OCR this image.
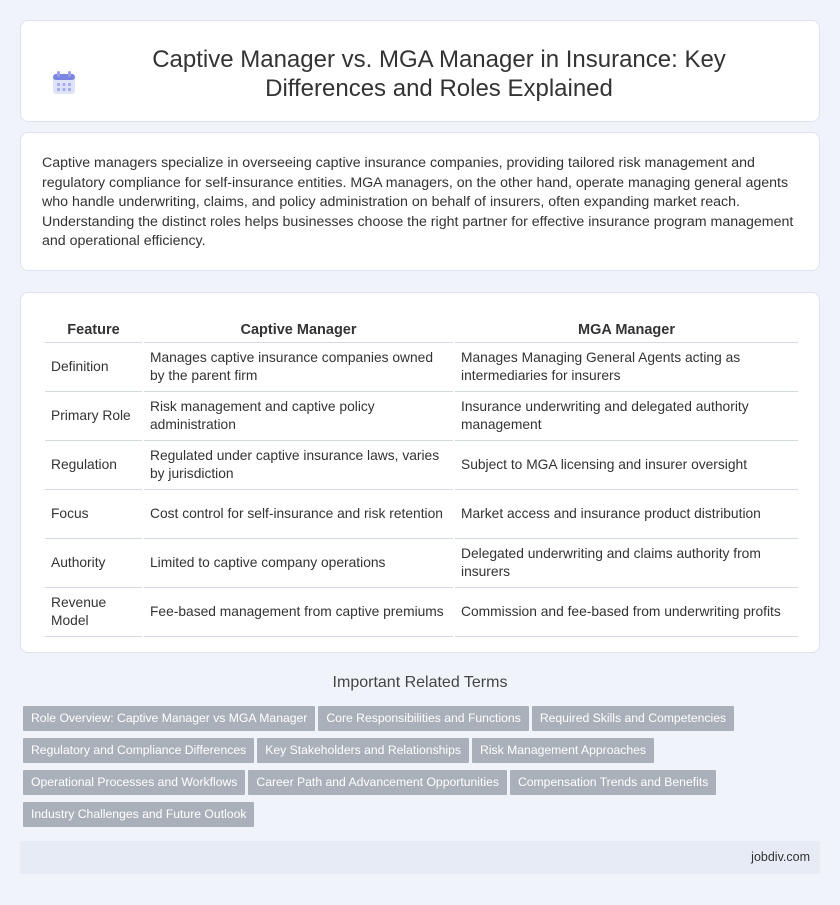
Captive Manager vs. MGA Manager in Insurance: Key Differences and Roles Explained

Captive managers specialize in overseeing captive insurance companies, providing tailored risk management and regulatory compliance for self-insurance entities. MGA managers, on the other hand, operate managing general agents who handle underwriting, claims, and policy administration on behalf of insurers, often expanding market reach. Understanding the distinct roles helps businesses choose the right partner for effective insurance program management and operational efficiency.

Feature	Captive Manager	MGA Manager
Definition	Manages captive insurance companies owned by the parent firm	Manages Managing General Agents acting as intermediaries for insurers
Primary Role	Risk management and captive policy administration	Insurance underwriting and delegated authority management
Regulation	Regulated under captive insurance laws, varies by jurisdiction	Subject to MGA licensing and insurer oversight
Focus	Cost control for self-insurance and risk retention	Market access and insurance product distribution
Authority	Limited to captive company operations	Delegated underwriting and claims authority from insurers
Revenue Model	Fee-based management from captive premiums	Commission and fee-based from underwriting profits
Important Related Terms
Role Overview: Captive Manager vs MGA Manager Core Responsibilities and Functions Required Skills and Competencies
Regulatory and Compliance Differences Key Stakeholders and Relationships Risk Management Approaches
Operational Processes and Workflows Career Path and Advancement Opportunities Compensation Trends and Benefits
Industry Challenges and Future Outlook
jobdiv.com
